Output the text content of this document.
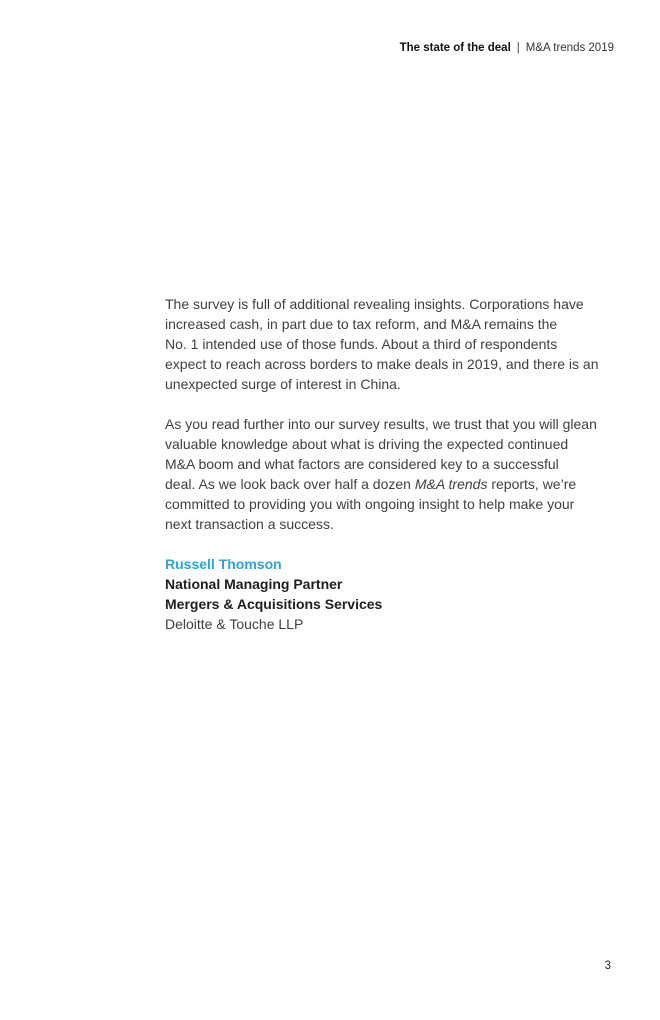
The state of the deal | M&A trends 2019

The survey is full of additional revealing insights. Corporations have
increased cash, in part due to tax reform, and M&A remains the
No. 1 intended use of those funds. About a third of respondents
expect to reach across borders to make deals in 2019, and there is an
unexpected surge of interest in China.

As you read further into our survey results, we trust that you will glean
valuable knowledge about what is driving the expected continued
M&A boom and what factors are considered key to a successful
deal. As we look back over half a dozen M&A trends reports, we’re
committed to providing you with ongoing insight to help make your
next transaction a success.

Russell Thomson
National Managing Partner
Mergers & Acquisitions Services
Deloitte & Touche LLP
3
